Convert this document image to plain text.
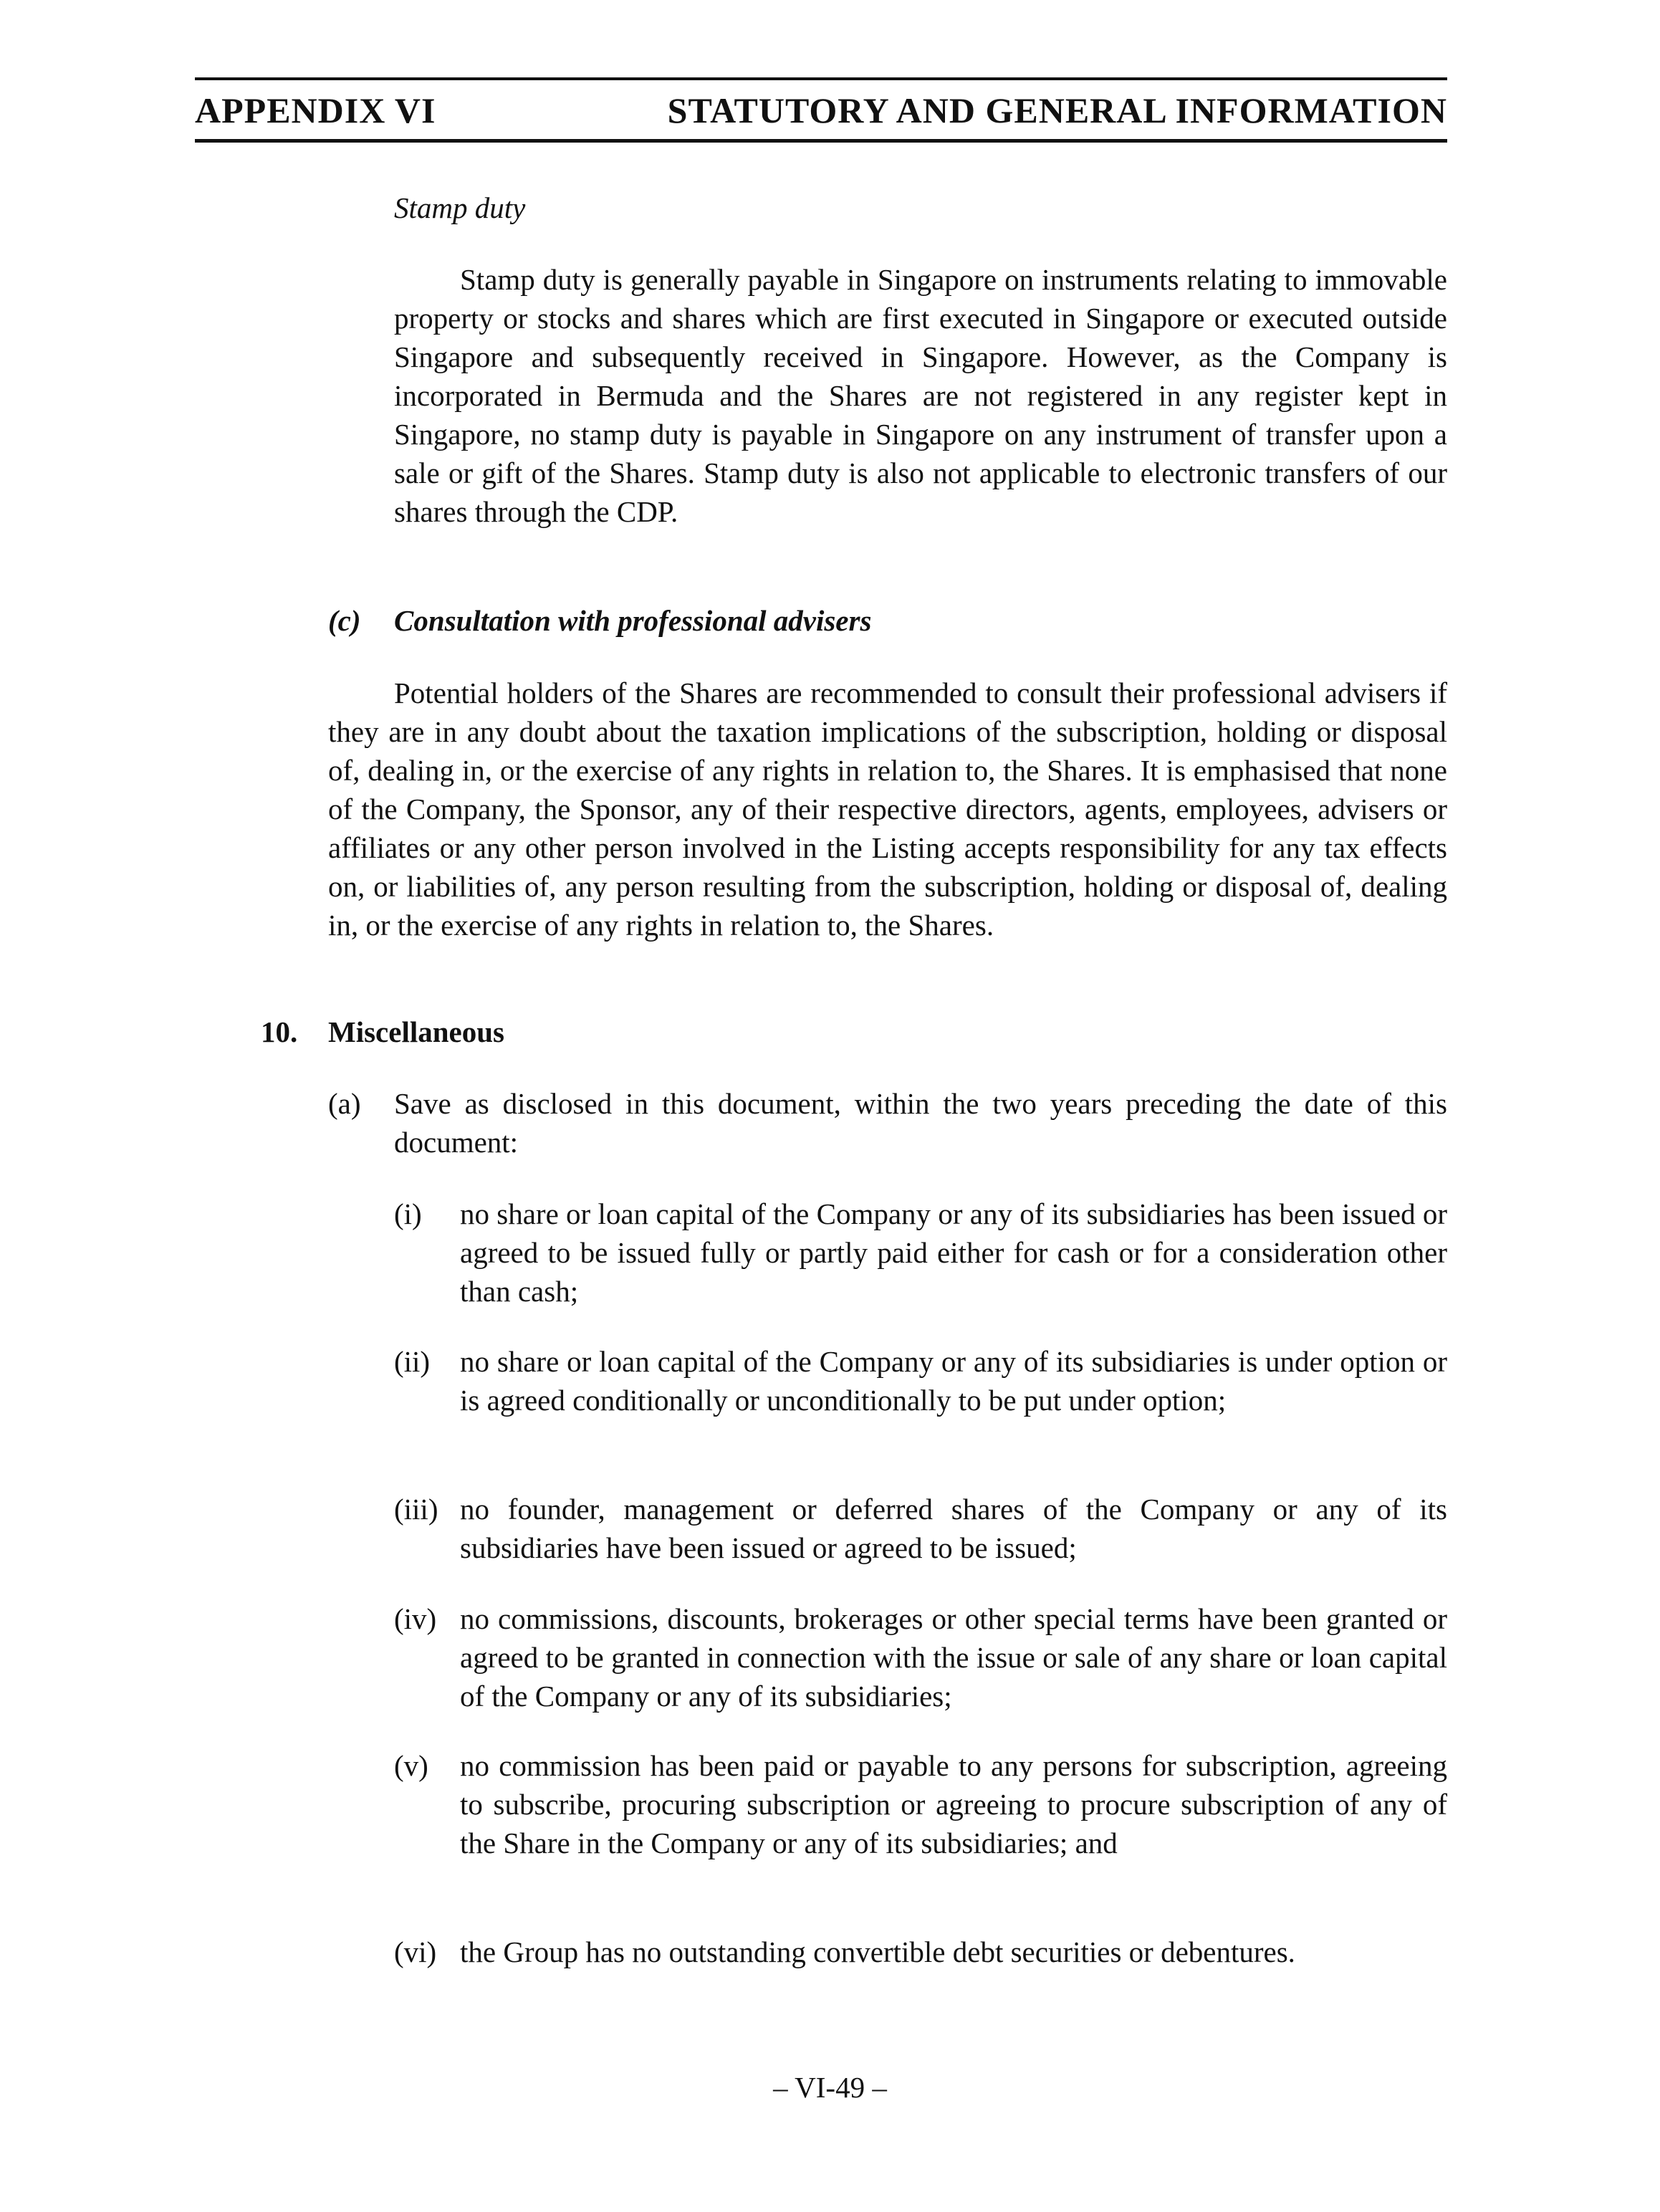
APPENDIX VI	STATUTORY AND GENERAL INFORMATION
Stamp duty
Stamp duty is generally payable in Singapore on instruments relating to immovable property or stocks and shares which are first executed in Singapore or executed outside Singapore and subsequently received in Singapore. However, as the Company is incorporated in Bermuda and the Shares are not registered in any register kept in Singapore, no stamp duty is payable in Singapore on any instrument of transfer upon a sale or gift of the Shares. Stamp duty is also not applicable to electronic transfers of our shares through the CDP.
(c) Consultation with professional advisers
Potential holders of the Shares are recommended to consult their professional advisers if they are in any doubt about the taxation implications of the subscription, holding or disposal of, dealing in, or the exercise of any rights in relation to, the Shares. It is emphasised that none of the Company, the Sponsor, any of their respective directors, agents, employees, advisers or affiliates or any other person involved in the Listing accepts responsibility for any tax effects on, or liabilities of, any person resulting from the subscription, holding or disposal of, dealing in, or the exercise of any rights in relation to, the Shares.
10. Miscellaneous
(a) Save as disclosed in this document, within the two years preceding the date of this document:
(i) no share or loan capital of the Company or any of its subsidiaries has been issued or agreed to be issued fully or partly paid either for cash or for a consideration other than cash;
(ii) no share or loan capital of the Company or any of its subsidiaries is under option or is agreed conditionally or unconditionally to be put under option;
(iii) no founder, management or deferred shares of the Company or any of its subsidiaries have been issued or agreed to be issued;
(iv) no commissions, discounts, brokerages or other special terms have been granted or agreed to be granted in connection with the issue or sale of any share or loan capital of the Company or any of its subsidiaries;
(v) no commission has been paid or payable to any persons for subscription, agreeing to subscribe, procuring subscription or agreeing to procure subscription of any of the Share in the Company or any of its subsidiaries; and
(vi) the Group has no outstanding convertible debt securities or debentures.
– VI-49 –
